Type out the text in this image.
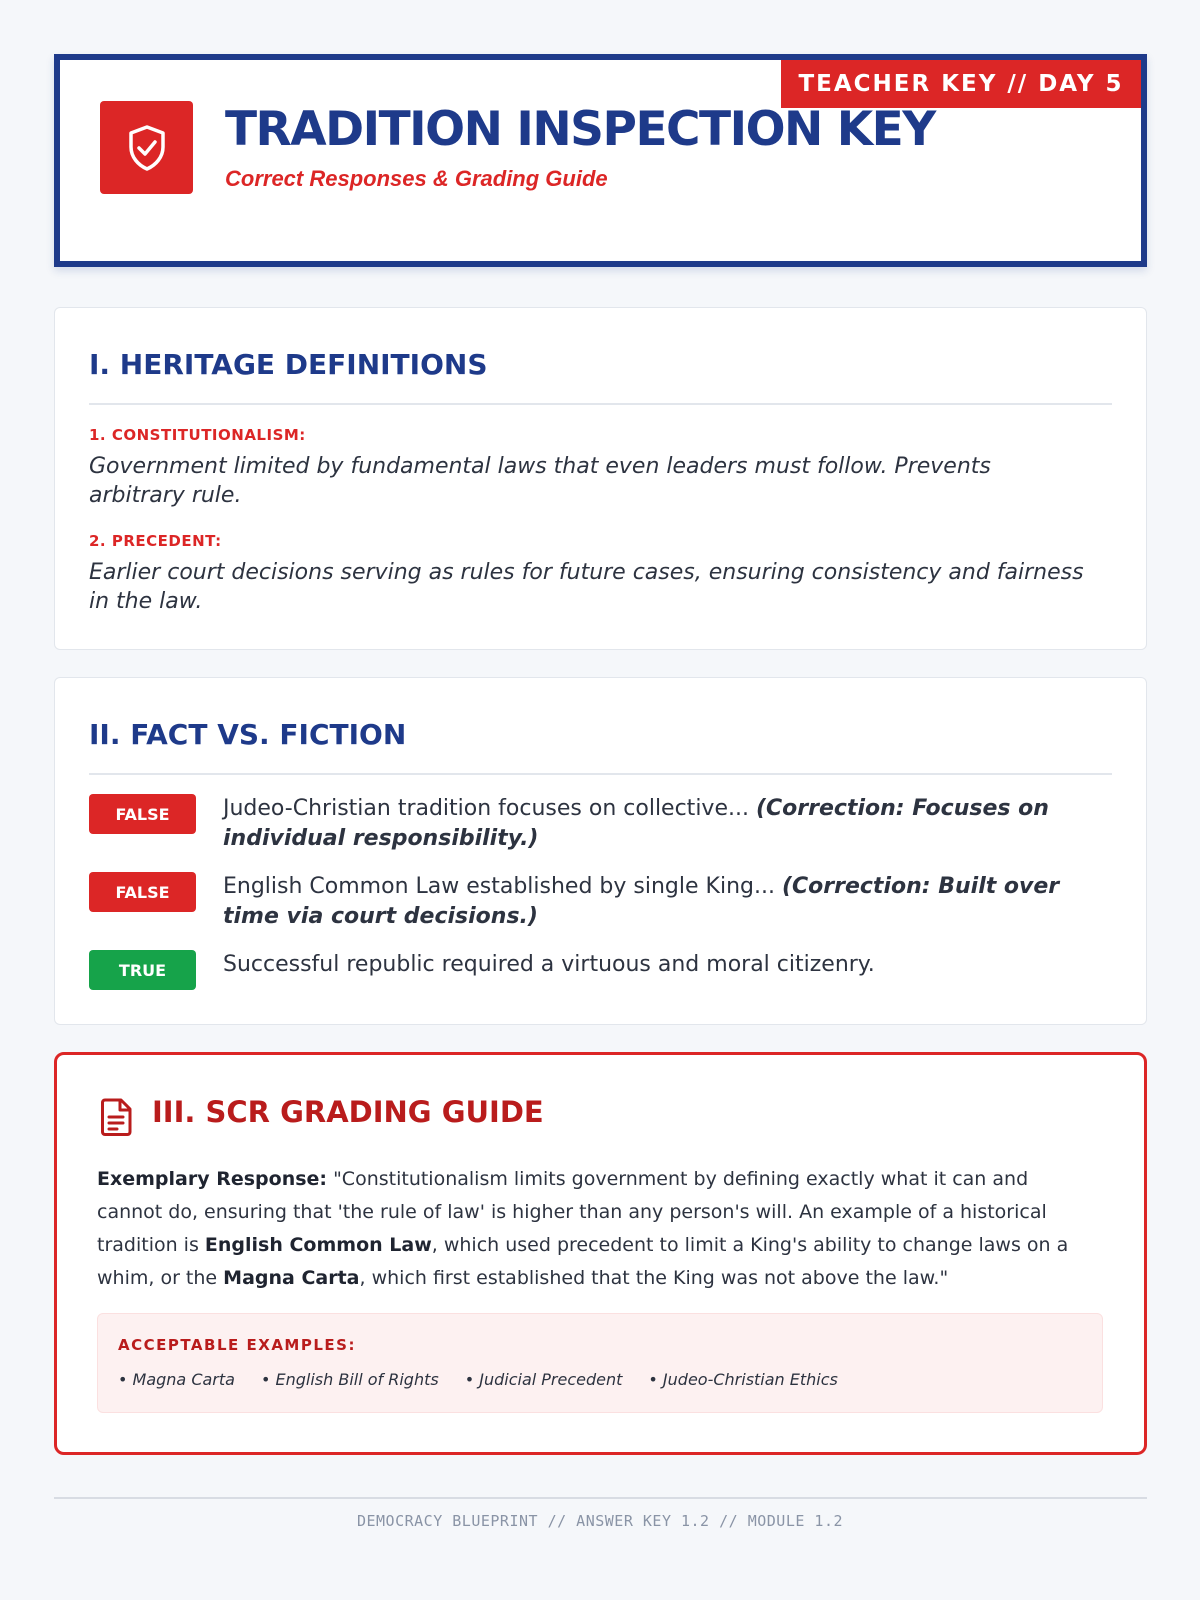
TEACHER KEY // DAY 5
TRADITION INSPECTION KEY
Correct Responses & Grading Guide
I. HERITAGE DEFINITIONS
1. CONSTITUTIONALISM:
Government limited by fundamental laws that even leaders must follow. Prevents arbitrary rule.
2. PRECEDENT:
Earlier court decisions serving as rules for future cases, ensuring consistency and fairness in the law.
II. FACT VS. FICTION
FALSE	Judeo-Christian tradition focuses on collective... (Correction: Focuses on individual responsibility.)
FALSE	English Common Law established by single King... (Correction: Built over time via court decisions.)
TRUE	Successful republic required a virtuous and moral citizenry.
III. SCR GRADING GUIDE
Exemplary Response: "Constitutionalism limits government by defining exactly what it can and cannot do, ensuring that 'the rule of law' is higher than any person's will. An example of a historical tradition is English Common Law, which used precedent to limit a King's ability to change laws on a whim, or the Magna Carta, which first established that the King was not above the law."
ACCEPTABLE EXAMPLES:
• Magna Carta • English Bill of Rights • Judicial Precedent • Judeo-Christian Ethics
DEMOCRACY BLUEPRINT // ANSWER KEY 1.2 // MODULE 1.2
